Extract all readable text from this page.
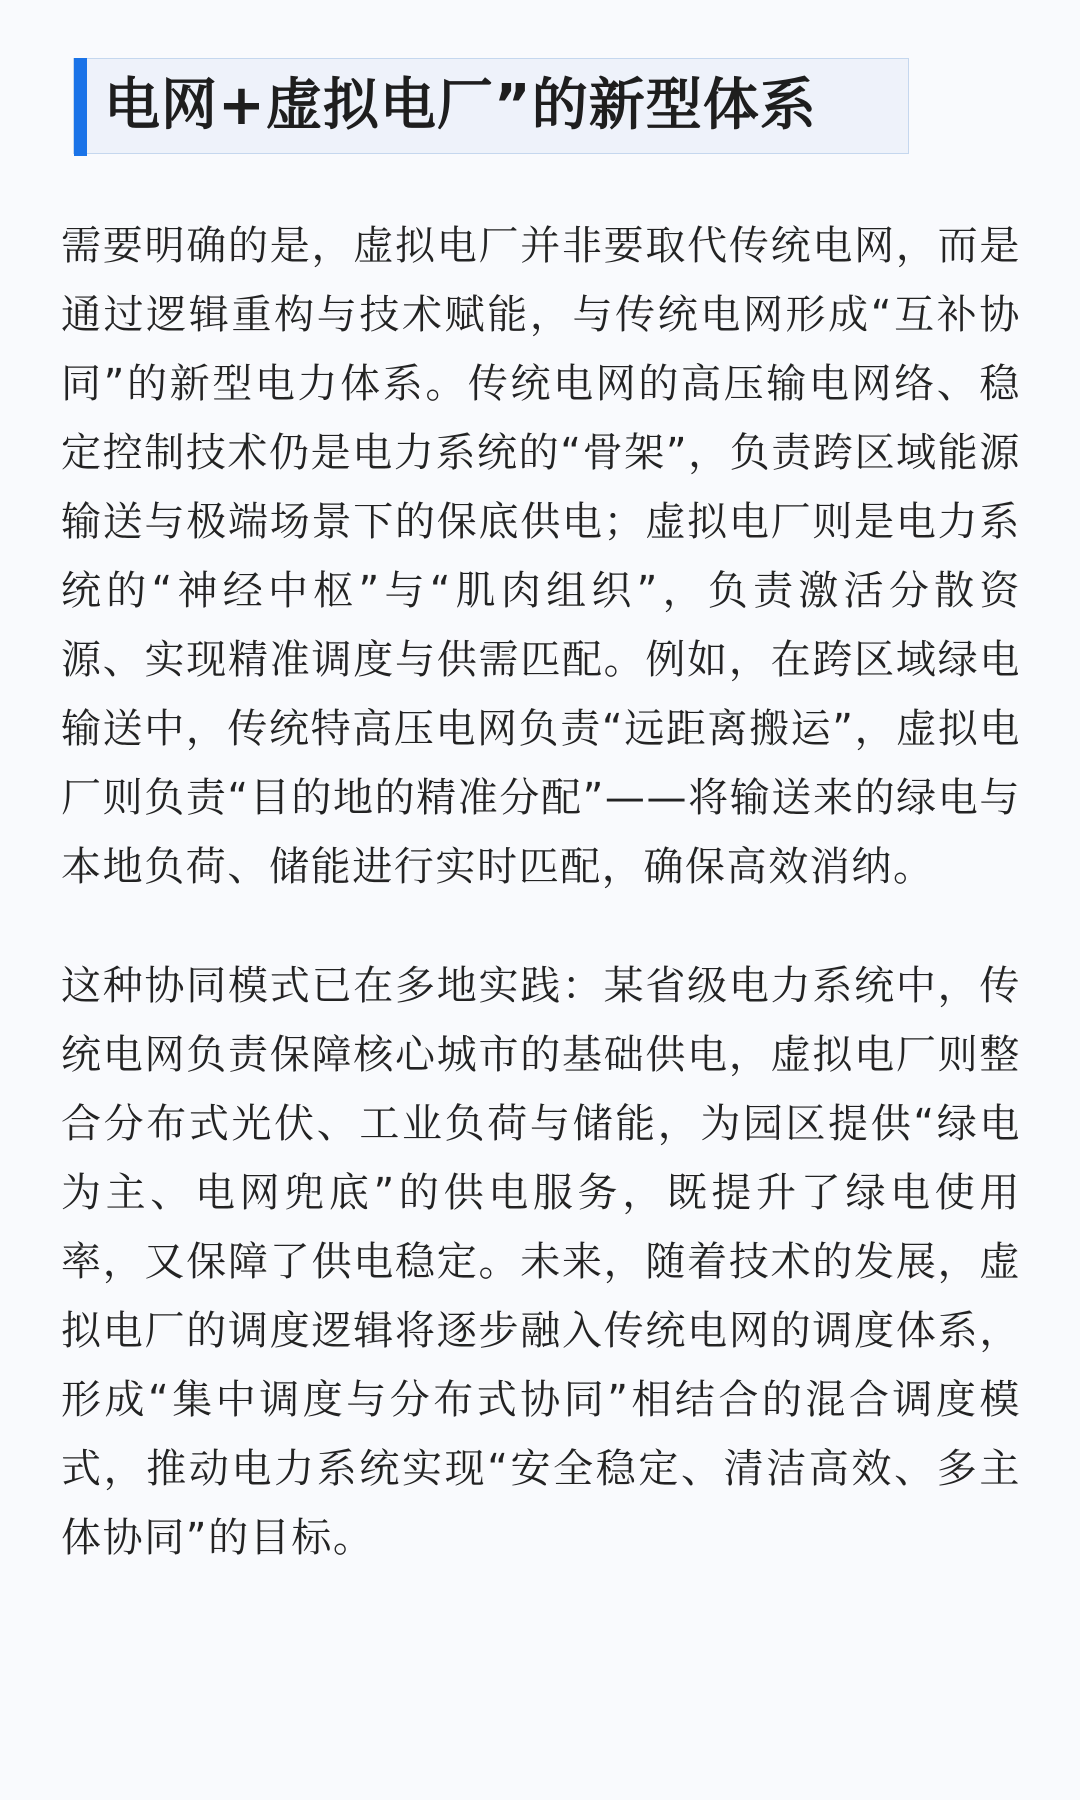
电网+虚拟电厂”的新型体系

需要明确的是，虚拟电厂并非要取代传统电网，而是通过逻辑重构与技术赋能，与传统电网形成“互补协同”的新型电力体系。传统电网的高压输电网络、稳定控制技术仍是电力系统的“骨架”，负责跨区域能源输送与极端场景下的保底供电；虚拟电厂则是电力系统的“神经中枢”与“肌肉组织”，负责激活分散资源、实现精准调度与供需匹配。例如，在跨区域绿电输送中，传统特高压电网负责“远距离搬运”，虚拟电厂则负责“目的地的精准分配”——将输送来的绿电与本地负荷、储能进行实时匹配，确保高效消纳。

这种协同模式已在多地实践：某省级电力系统中，传统电网负责保障核心城市的基础供电，虚拟电厂则整合分布式光伏、工业负荷与储能，为园区提供“绿电为主、电网兜底”的供电服务，既提升了绿电使用率，又保障了供电稳定。未来，随着技术的发展，虚拟电厂的调度逻辑将逐步融入传统电网的调度体系，形成“集中调度与分布式协同”相结合的混合调度模式，推动电力系统实现“安全稳定、清洁高效、多主体协同”的目标。
